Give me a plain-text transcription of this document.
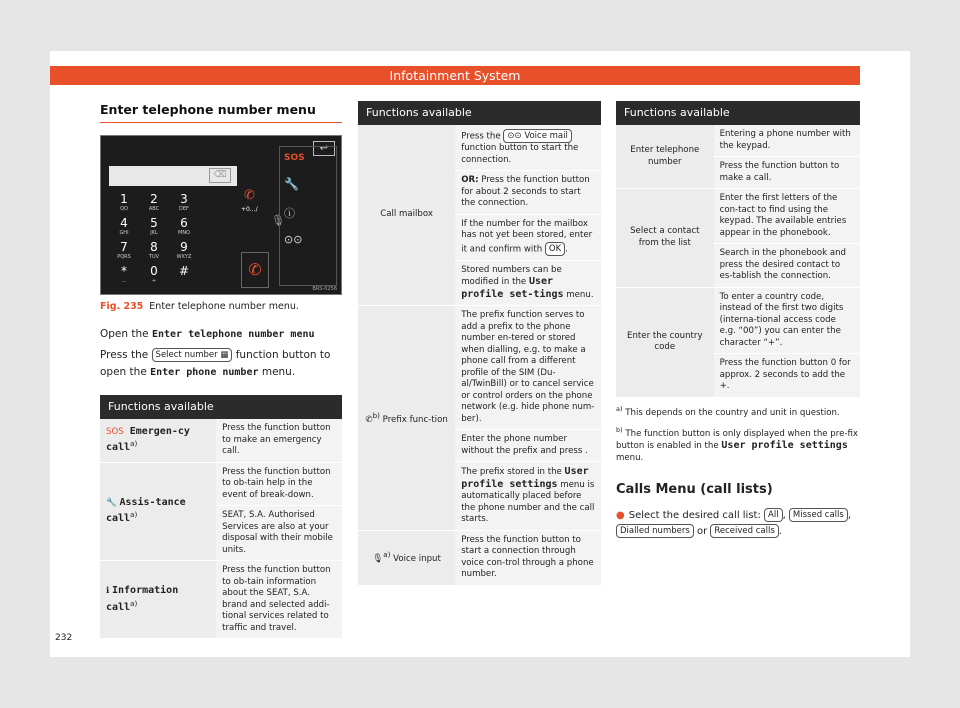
Infotainment System
Enter telephone number menu
⌫
↩
1
QO
2
ABC
3
DEF
4
GHI
5
JKL
6
MNO
7
PQRS
8
TUV
9
WXYZ
*
...
0
+
#
✆
+0.../
🎙
✆
SOS
🔧
ⓘ
⊙⊙
BRS-0256
Fig. 235 Enter telephone number menu.

Open the Enter telephone number menu

Press the Select number ▦ function button to
open the Enter phone number menu.

Functions available
SOS Emergen-cy call$^{a)}$	Press the function button to make an emergency call.
🔧 Assis-tance call$^{a)}$	Press the function button to ob-tain help in the event of break-down.
	SEAT, S.A. Authorised Services are also at your disposal with their mobile units.
ℹ Information call$^{a)}$	Press the function button to ob-tain information about the SEAT, S.A. brand and selected addi-tional services related to traffic and travel.
Functions available
Call mailbox	Press the ⊙⊙ Voice mail function button to start the connection.
	OR: Press the function button for about 2 seconds to start the connection.
	If the number for the mailbox has not yet been stored, enter it and confirm with OK .
	Stored numbers can be modified in the User profile set-tings menu.
✆$^{b)}$ Prefix func-tion	The prefix function serves to add a prefix to the phone number en-tered or stored when dialling, e.g. to make a phone call from a different profile of the SIM (Du-al/TwinBill) or to cancel service or control orders on the phone network (e.g. hide phone num-ber).
	Enter the phone number without the prefix and press .
	The prefix stored in the User profile settings menu is automatically placed before the phone number and the call starts.
🎙$^{a)}$ Voice input	Press the function button to start a connection through voice con-trol through a phone number.
Functions available
Enter telephone number	Entering a phone number with the keypad.
	Press the function button to make a call.
Select a contact from the list	Enter the first letters of the con-tact to find using the keypad. The available entries appear in the phonebook.
	Search in the phonebook and press the desired contact to es-tablish the connection.
Enter the country code	To enter a country code, instead of the first two digits (interna-tional access code e.g. “00”) you can enter the character “+”.
	Press the function button 0 for approx. 2 seconds to add the +.
$^{a)}$ This depends on the country and unit in question.
$^{b)}$ The function button is only displayed when the pre-fix button is enabled in the User profile settings menu.
Calls Menu (call lists)
● Select the desired call list: All , Missed calls ,
Dialled numbers or Received calls .
232
